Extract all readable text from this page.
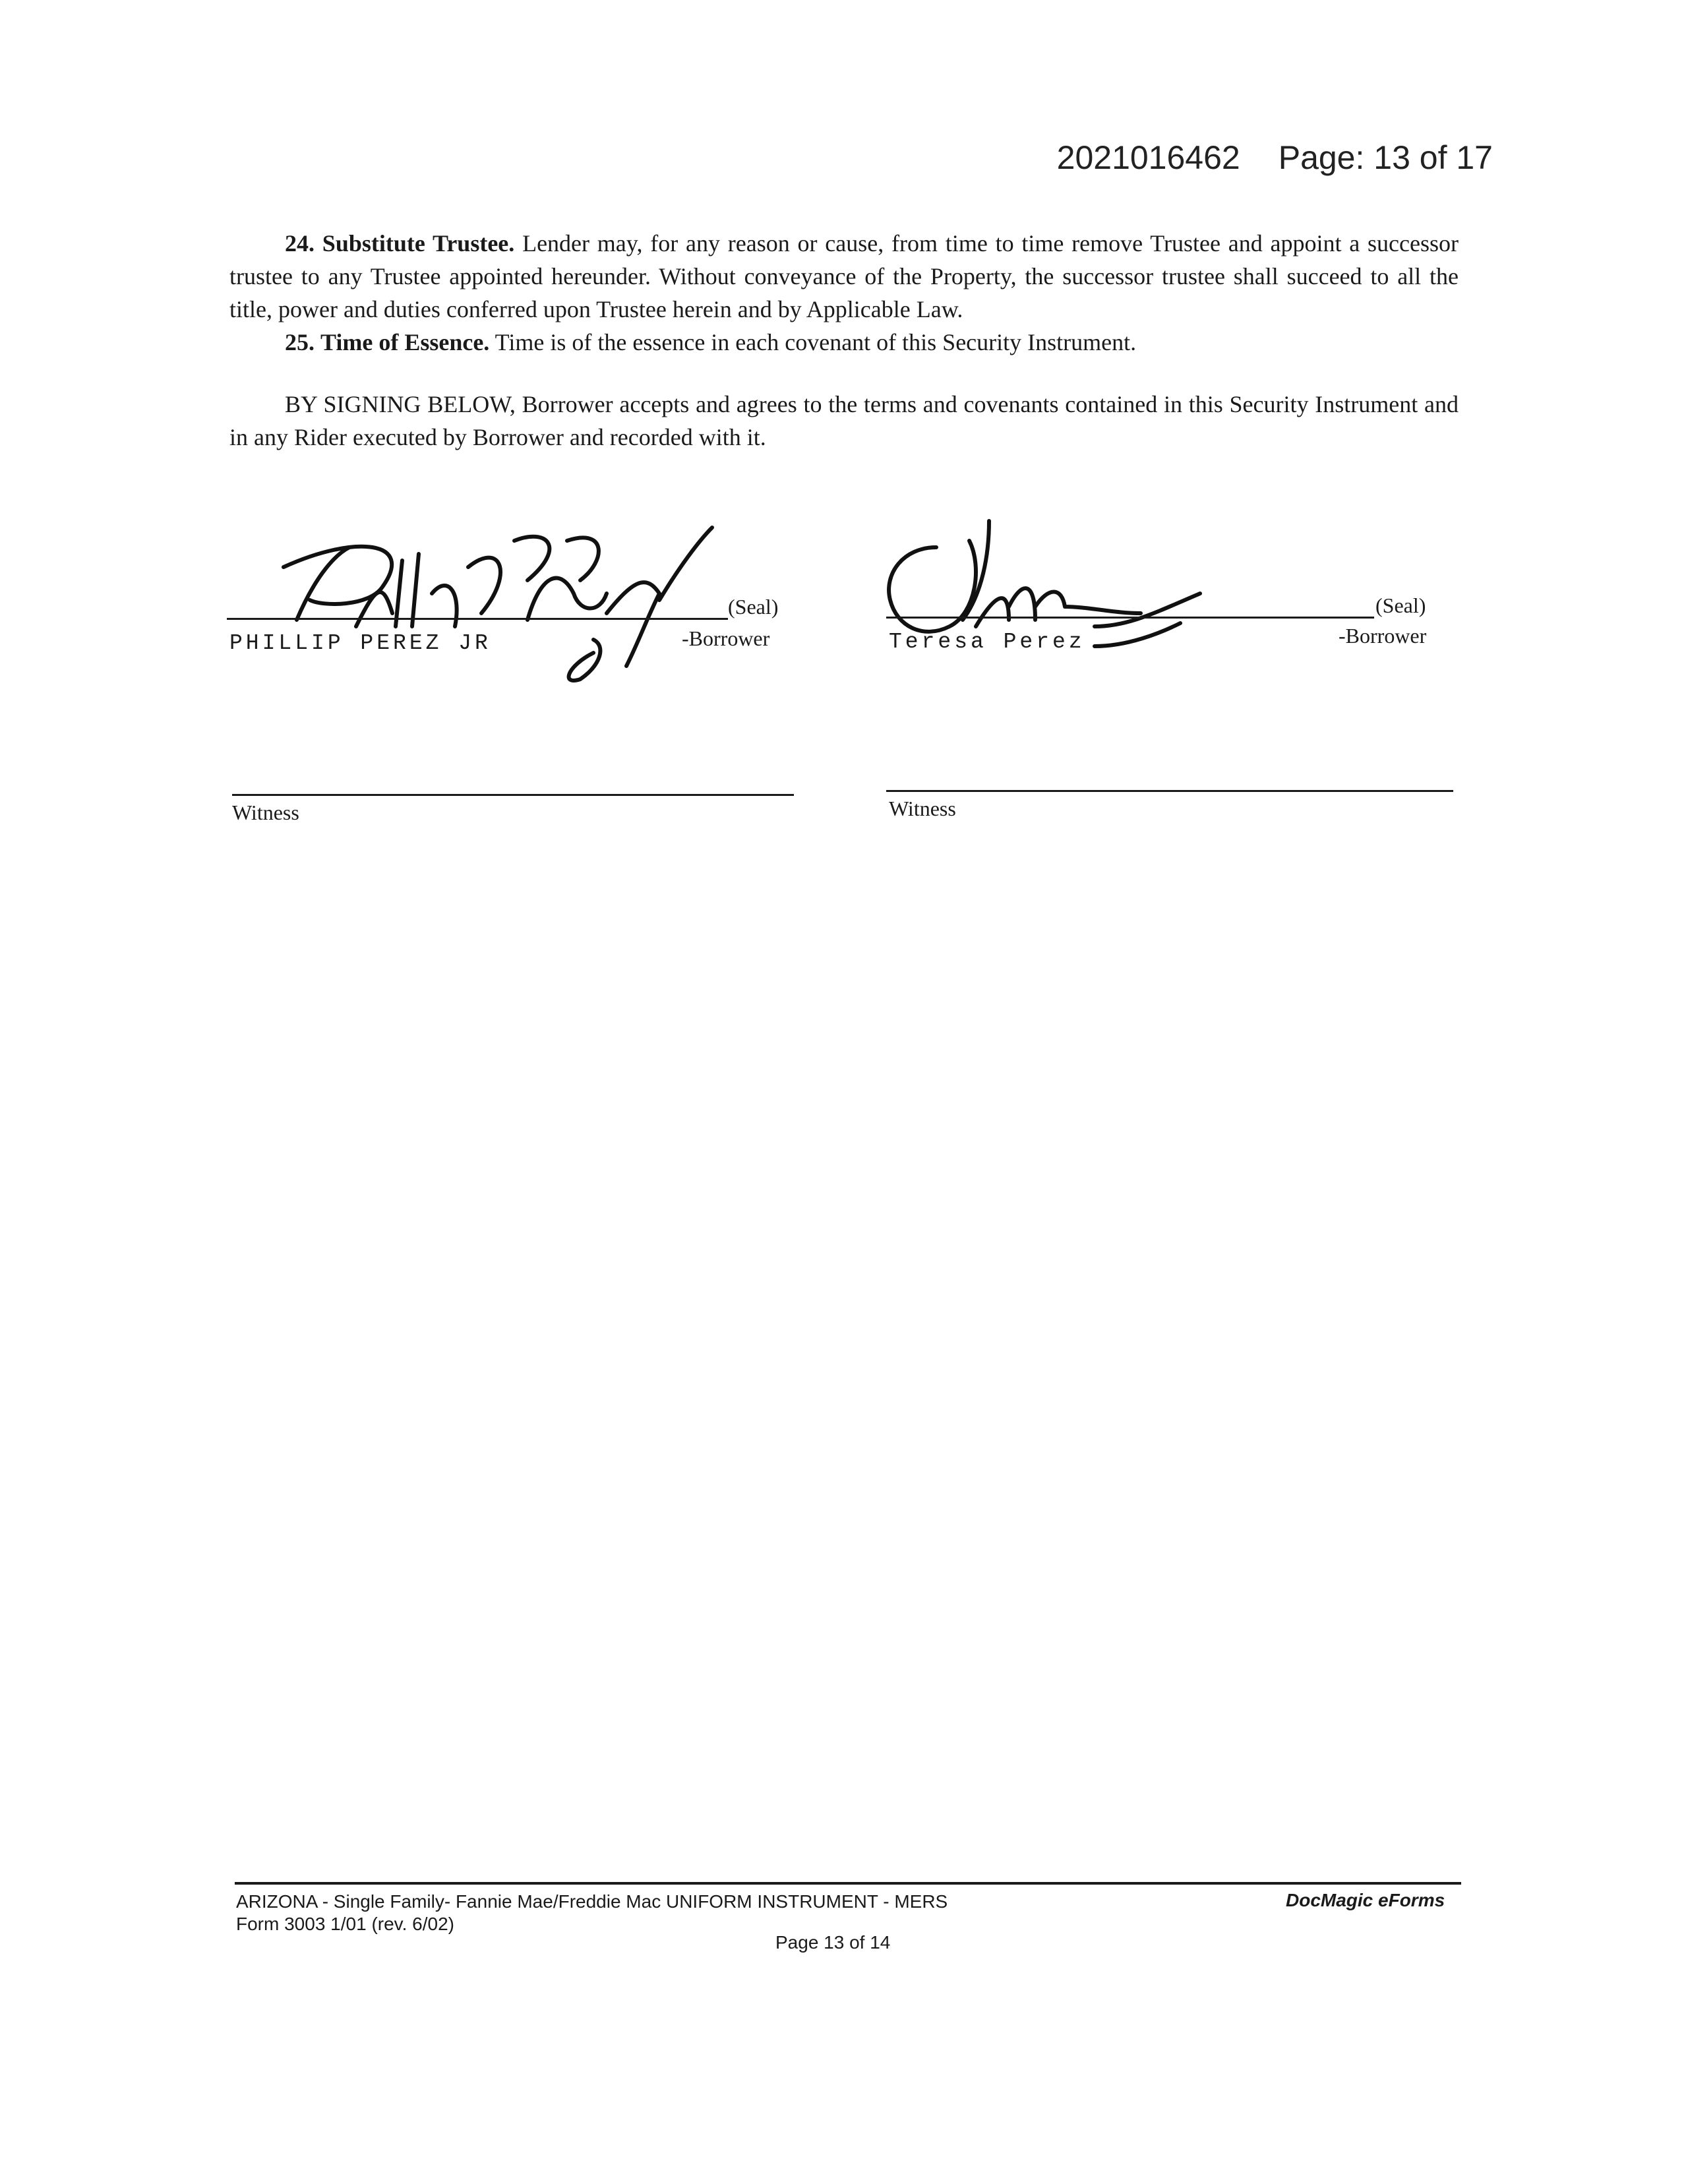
2021016462 Page: 13 of 17
24. Substitute Trustee. Lender may, for any reason or cause, from time to time remove Trustee and appoint a successor trustee to any Trustee appointed hereunder. Without conveyance of the Property, the successor trustee shall succeed to all the title, power and duties conferred upon Trustee herein and by Applicable Law.
25. Time of Essence. Time is of the essence in each covenant of this Security Instrument.
BY SIGNING BELOW, Borrower accepts and agrees to the terms and covenants contained in this Security Instrument and in any Rider executed by Borrower and recorded with it.
(Seal)
PHILLIP PEREZ JR	-Borrower
(Seal)
Teresa Perez	-Borrower
Witness	Witness
ARIZONA - Single Family- Fannie Mae/Freddie Mac UNIFORM INSTRUMENT - MERS
Form 3003 1/01 (rev. 6/02)
Page 13 of 14
DocMagic eForms
